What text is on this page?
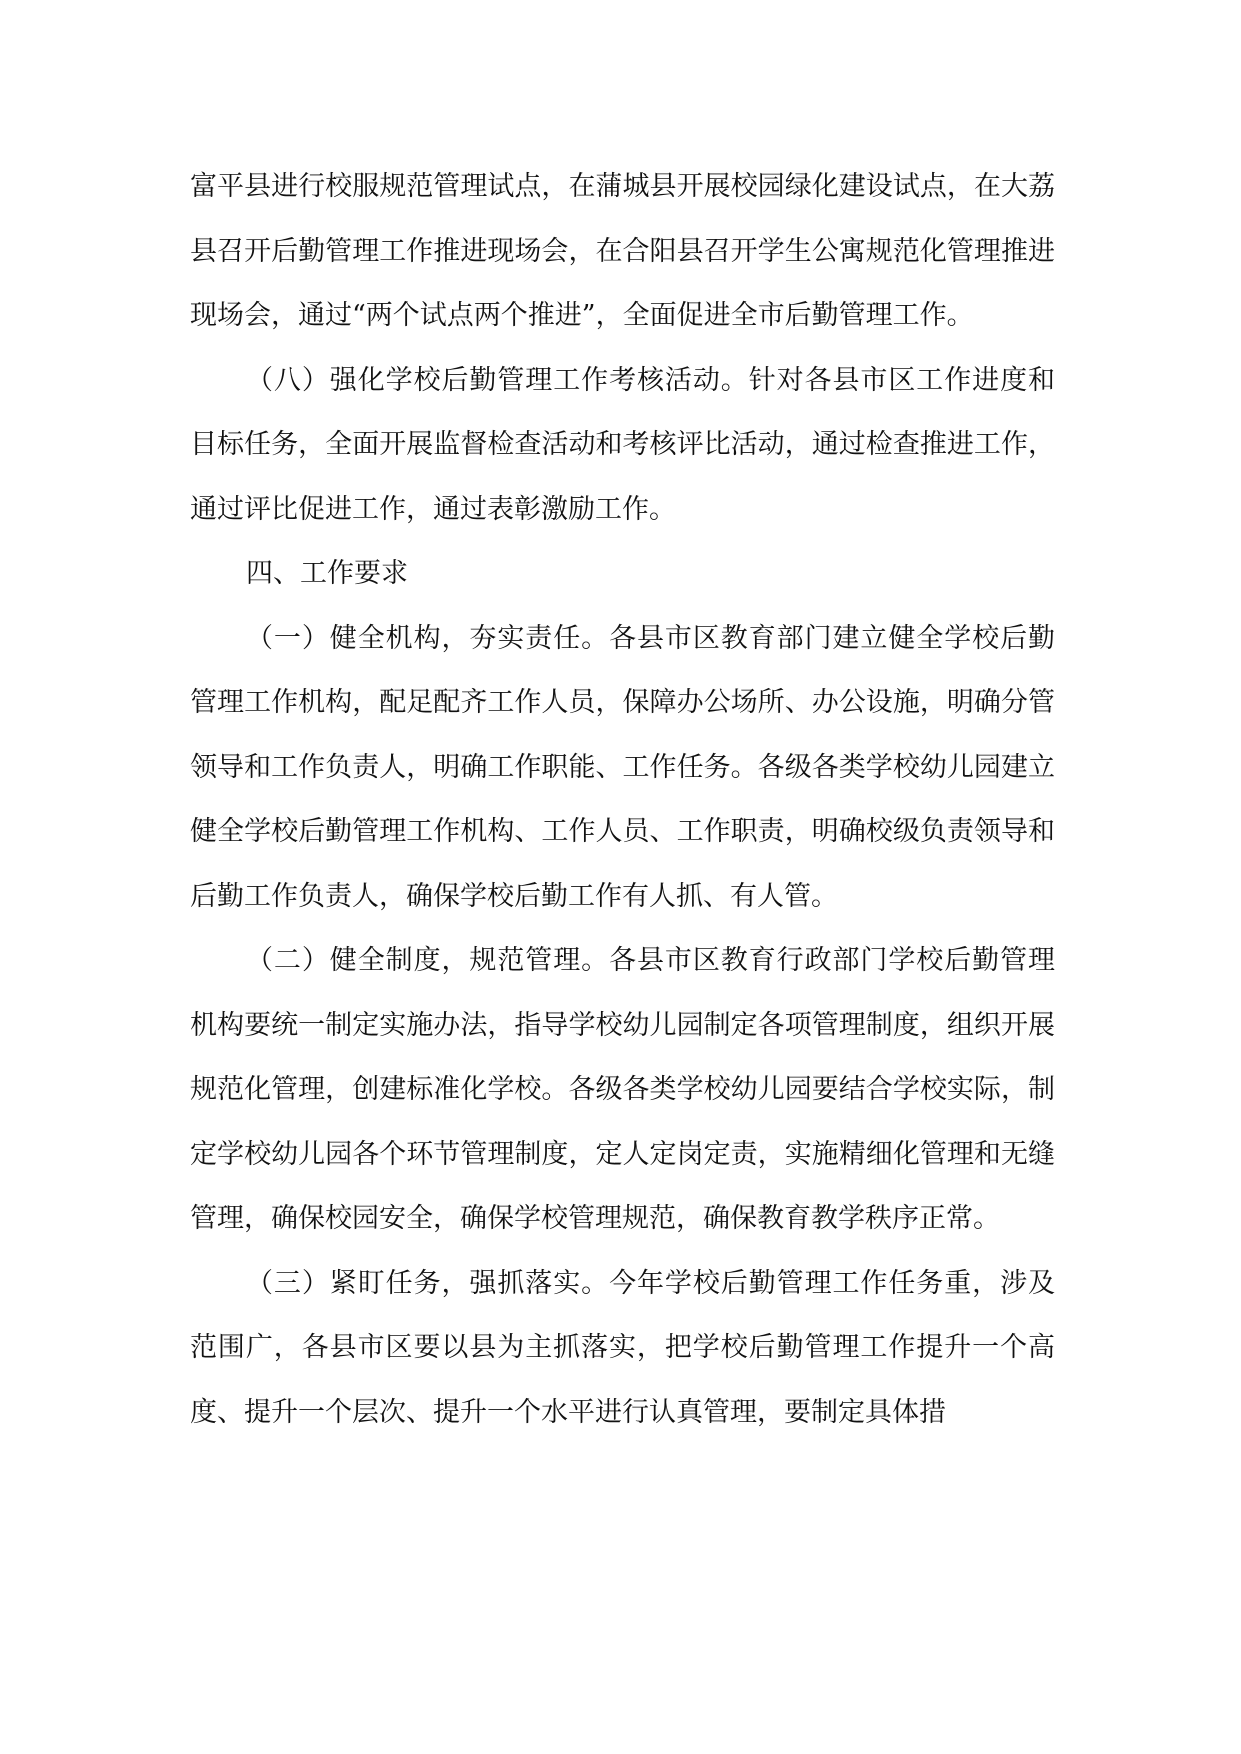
富平县进行校服规范管理试点，在蒲城县开展校园绿化建设试点，在大荔县召开后勤管理工作推进现场会，在合阳县召开学生公寓规范化管理推进现场会，通过“两个试点两个推进”，全面促进全市后勤管理工作。

（八）强化学校后勤管理工作考核活动。针对各县市区工作进度和目标任务，全面开展监督检查活动和考核评比活动，通过检查推进工作，通过评比促进工作，通过表彰激励工作。

四、工作要求

（一）健全机构，夯实责任。各县市区教育部门建立健全学校后勤管理工作机构，配足配齐工作人员，保障办公场所、办公设施，明确分管领导和工作负责人，明确工作职能、工作任务。各级各类学校幼儿园建立健全学校后勤管理工作机构、工作人员、工作职责，明确校级负责领导和后勤工作负责人，确保学校后勤工作有人抓、有人管。

（二）健全制度，规范管理。各县市区教育行政部门学校后勤管理机构要统一制定实施办法，指导学校幼儿园制定各项管理制度，组织开展规范化管理，创建标准化学校。各级各类学校幼儿园要结合学校实际，制定学校幼儿园各个环节管理制度，定人定岗定责，实施精细化管理和无缝管理，确保校园安全，确保学校管理规范，确保教育教学秩序正常。

（三）紧盯任务，强抓落实。今年学校后勤管理工作任务重，涉及范围广，各县市区要以县为主抓落实，把学校后勤管理工作提升一个高度、提升一个层次、提升一个水平进行认真管理，要制定具体措
